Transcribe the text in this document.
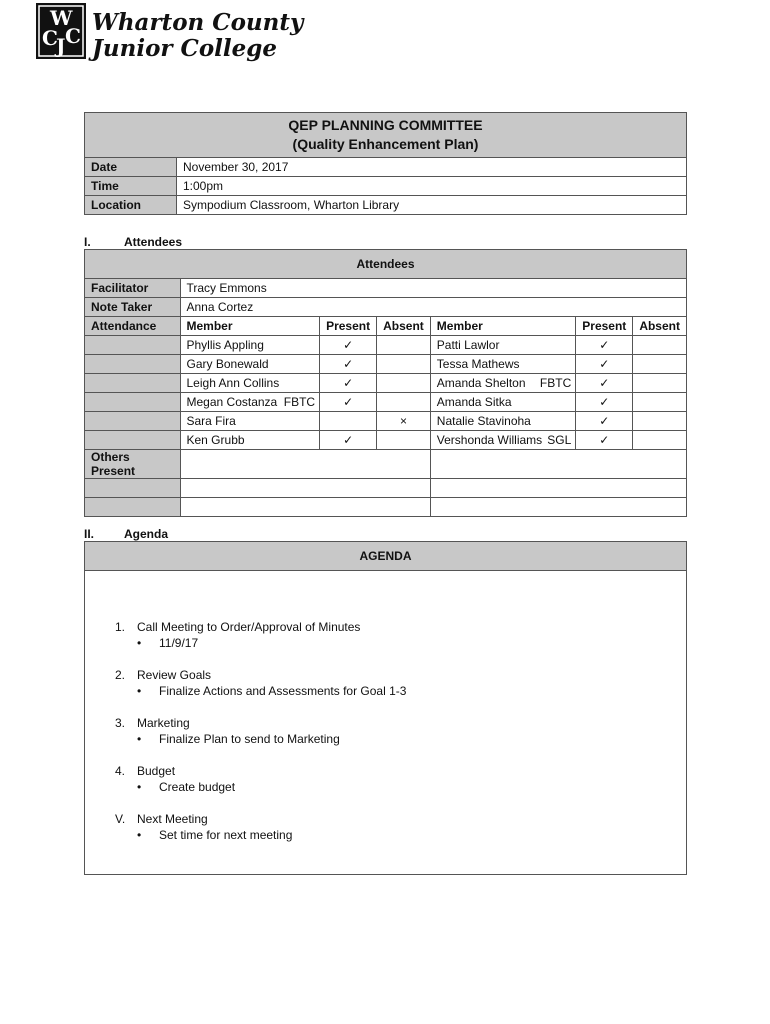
W
C
J C Wharton County
Junior College
QEP PLANNING COMMITTEE
(Quality Enhancement Plan)	

Date	November 30, 2017
Time	1:00pm
Location	Sympodium Classroom, Wharton Library
I.	Attendees
Attendees						
Facilitator	Tracy Emmons					
Note Taker	Anna Cortez					
Attendance	Member	Present	Absent	Member	Present	Absent
	Phyllis Appling	✓		Patti Lawlor	✓	
	Gary Bonewald	✓		Tessa Mathews	✓	
	Leigh Ann Collins	✓		Amanda Shelton FBTC	✓	
	Megan Costanza FBTC	✓		Amanda Sitka	✓	
	Sara Fira		×	Natalie Stavinoha	✓	
	Ken Grubb	✓		Vershonda Williams SGL	✓	
Others Present						

II. Agenda
AGENDA
1. Call Meeting to Order/Approval of Minutes
• 11/9/17
2. Review Goals
• Finalize Actions and Assessments for Goal 1-3
3. Marketing
• Finalize Plan to send to Marketing
4. Budget
• Create budget
V. Next Meeting
• Set time for next meeting
